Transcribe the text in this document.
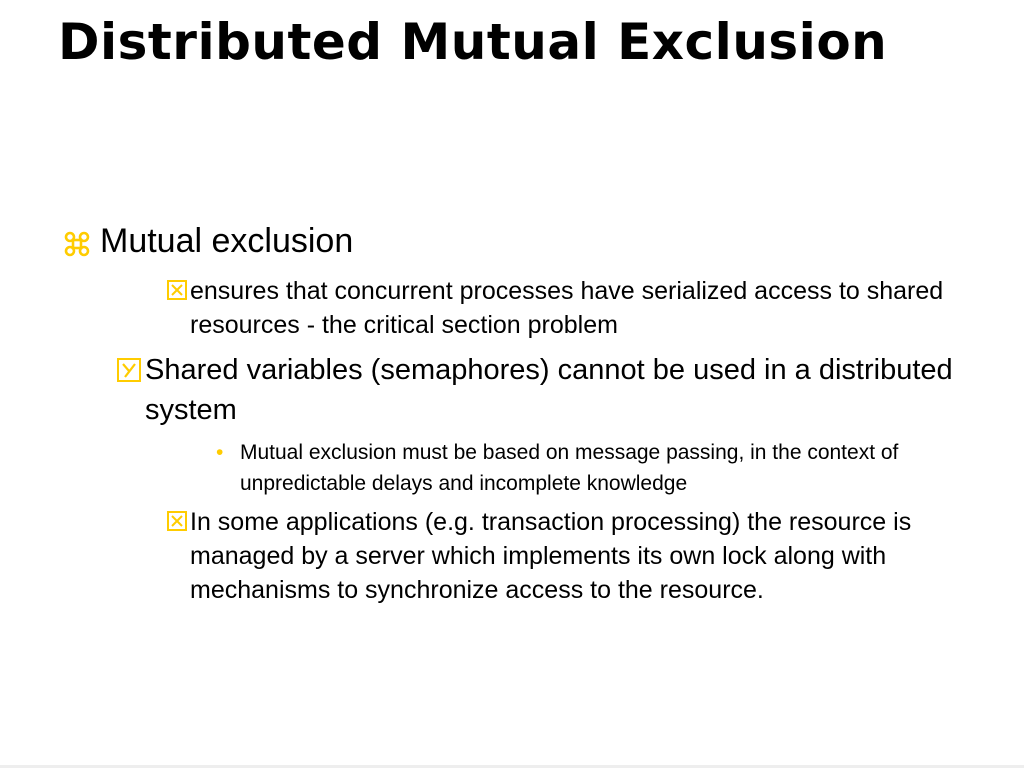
Distributed Mutual Exclusion
Mutual exclusion
ensures that concurrent processes have serialized access to shared resources - the critical section problem
Shared variables (semaphores) cannot be used in a distributed system
• Mutual exclusion must be based on message passing, in the context of unpredictable delays and incomplete knowledge
In some applications (e.g. transaction processing) the resource is managed by a server which implements its own lock along with mechanisms to synchronize access to the resource.
